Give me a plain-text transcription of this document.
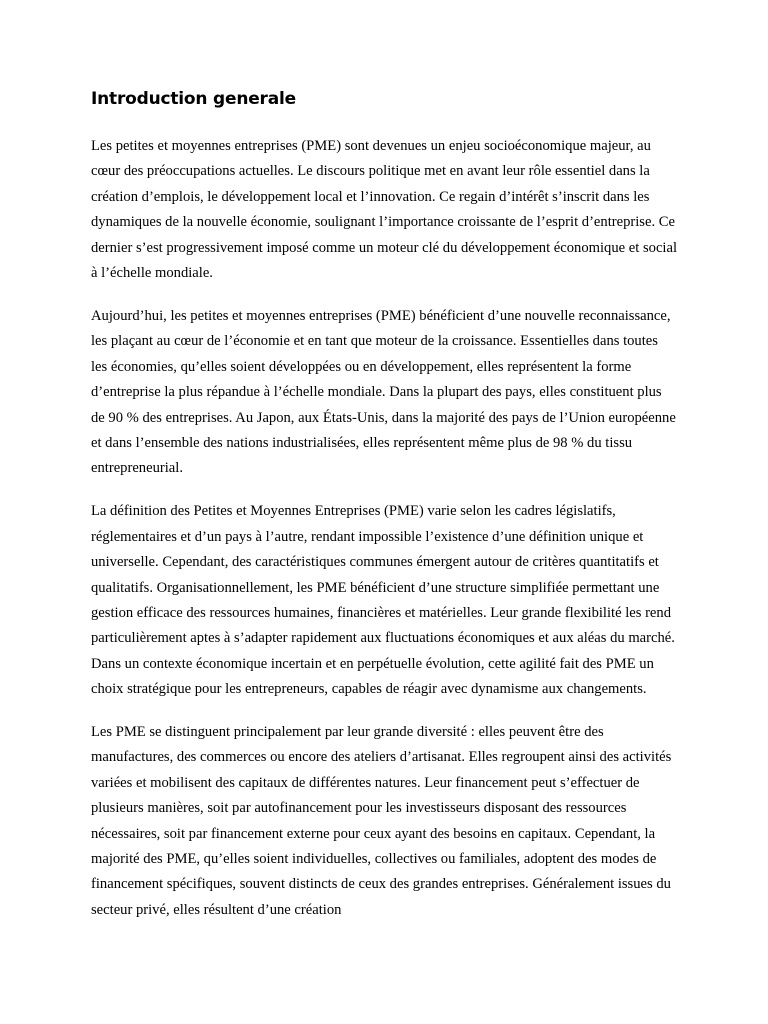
Introduction generale

Les petites et moyennes entreprises (PME) sont devenues un enjeu socioéconomique majeur, au cœur des préoccupations actuelles. Le discours politique met en avant leur rôle essentiel dans la création d’emplois, le développement local et l’innovation. Ce regain d’intérêt s’inscrit dans les dynamiques de la nouvelle économie, soulignant l’importance croissante de l’esprit d’entreprise. Ce dernier s’est progressivement imposé comme un moteur clé du développement économique et social à l’échelle mondiale.

Aujourd’hui, les petites et moyennes entreprises (PME) bénéficient d’une nouvelle reconnaissance, les plaçant au cœur de l’économie et en tant que moteur de la croissance. Essentielles dans toutes les économies, qu’elles soient développées ou en développement, elles représentent la forme d’entreprise la plus répandue à l’échelle mondiale. Dans la plupart des pays, elles constituent plus de 90 % des entreprises. Au Japon, aux États-Unis, dans la majorité des pays de l’Union européenne et dans l’ensemble des nations industrialisées, elles représentent même plus de 98 % du tissu entrepreneurial.

La définition des Petites et Moyennes Entreprises (PME) varie selon les cadres législatifs, réglementaires et d’un pays à l’autre, rendant impossible l’existence d’une définition unique et universelle. Cependant, des caractéristiques communes émergent autour de critères quantitatifs et qualitatifs. Organisationnellement, les PME bénéficient d’une structure simplifiée permettant une gestion efficace des ressources humaines, financières et matérielles. Leur grande flexibilité les rend particulièrement aptes à s’adapter rapidement aux fluctuations économiques et aux aléas du marché. Dans un contexte économique incertain et en perpétuelle évolution, cette agilité fait des PME un choix stratégique pour les entrepreneurs, capables de réagir avec dynamisme aux changements.

Les PME se distinguent principalement par leur grande diversité : elles peuvent être des manufactures, des commerces ou encore des ateliers d’artisanat. Elles regroupent ainsi des activités variées et mobilisent des capitaux de différentes natures. Leur financement peut s’effectuer de plusieurs manières, soit par autofinancement pour les investisseurs disposant des ressources nécessaires, soit par financement externe pour ceux ayant des besoins en capitaux. Cependant, la majorité des PME, qu’elles soient individuelles, collectives ou familiales, adoptent des modes de financement spécifiques, souvent distincts de ceux des grandes entreprises. Généralement issues du secteur privé, elles résultent d’une création
